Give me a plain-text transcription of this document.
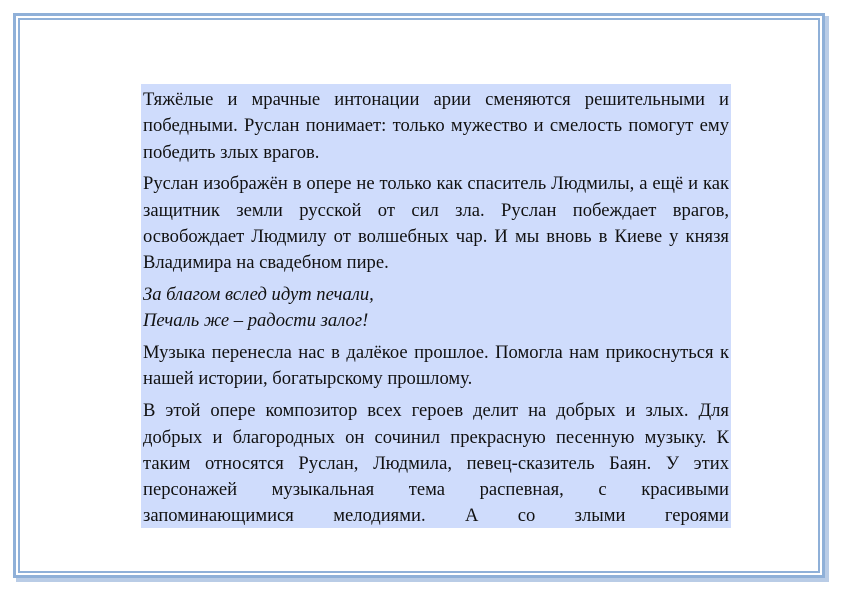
Тяжёлые и мрачные интонации арии сменяются решительными и победными. Руслан понимает: только мужество и смелость помогут ему победить злых врагов.

Руслан изображён в опере не только как спаситель Людмилы, а ещё и как защитник земли русской от сил зла. Руслан побеждает врагов, освобождает Людмилу от волшебных чар. И мы вновь в Киеве у князя Владимира на свадебном пире.

За благом вслед идут печали,
Печаль же – радости залог!

Музыка перенесла нас в далёкое прошлое. Помогла нам прикоснуться к нашей истории, богатырскому прошлому.

В этой опере композитор всех героев делит на добрых и злых. Для добрых и благородных он сочинил прекрасную песенную музыку. К таким относятся Руслан, Людмила, певец-сказитель Баян. У этих персонажей музыкальная тема распевная, с красивыми запоминающимися мелодиями. А со злыми героями
